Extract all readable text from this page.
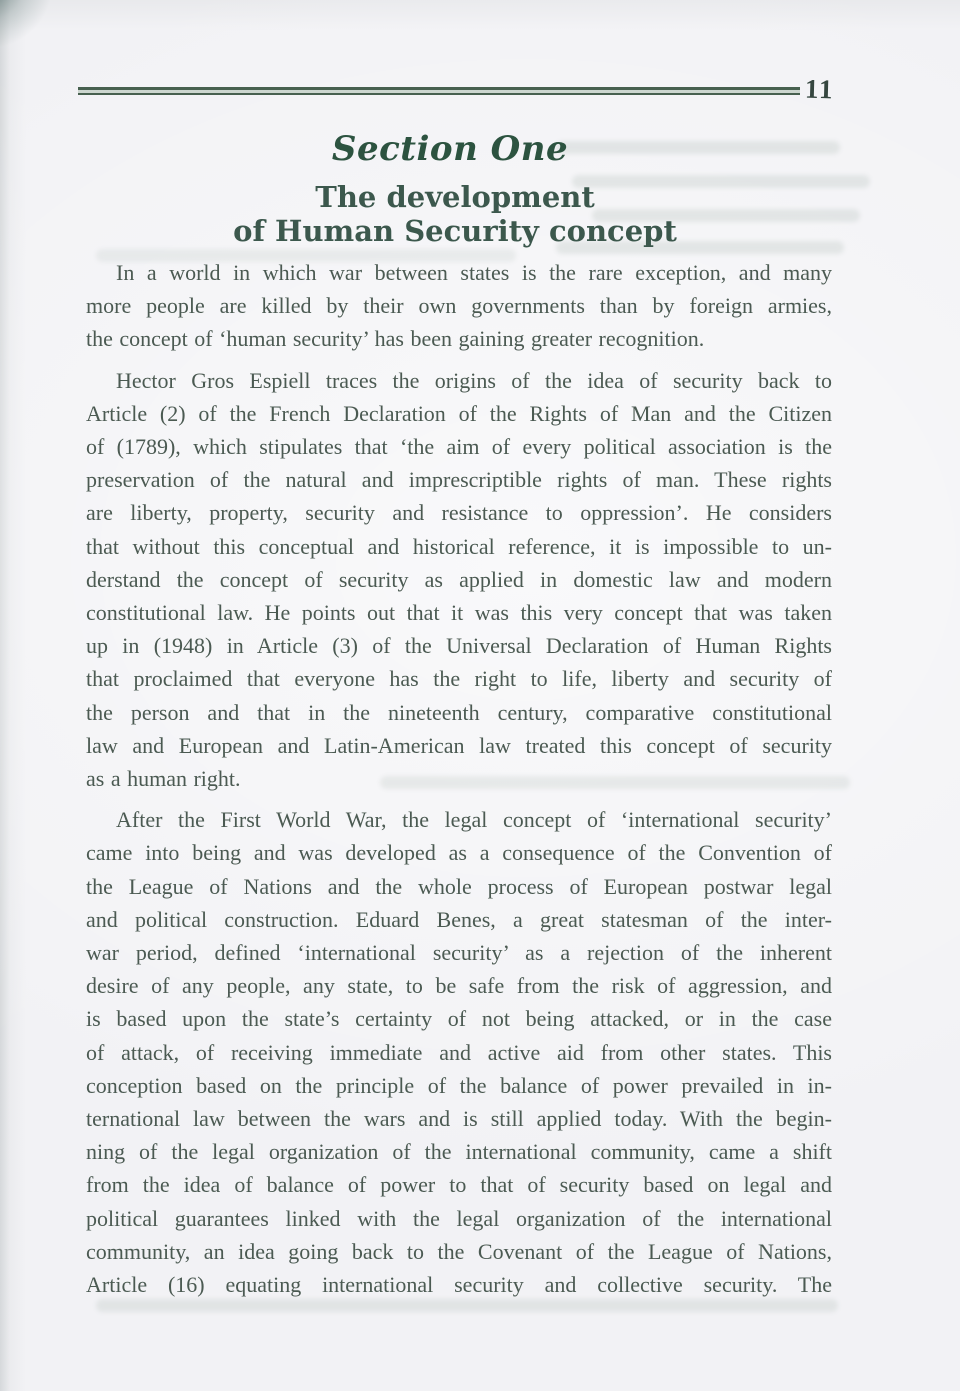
11
Section One
The development
of Human Security concept
In a world in which war between states is the rare exception, and many
more people are killed by their own governments than by foreign armies,
the concept of ‘human security’ has been gaining greater recognition.
Hector Gros Espiell traces the origins of the idea of security back to
Article (2) of the French Declaration of the Rights of Man and the Citizen
of (1789), which stipulates that ‘the aim of every political association is the
preservation of the natural and imprescriptible rights of man. These rights
are liberty, property, security and resistance to oppression’. He considers
that without this conceptual and historical reference, it is impossible to un-
derstand the concept of security as applied in domestic law and modern
constitutional law. He points out that it was this very concept that was taken
up in (1948) in Article (3) of the Universal Declaration of Human Rights
that proclaimed that everyone has the right to life, liberty and security of
the person and that in the nineteenth century, comparative constitutional
law and European and Latin-American law treated this concept of security
as a human right.
After the First World War, the legal concept of ‘international security’
came into being and was developed as a consequence of the Convention of
the League of Nations and the whole process of European postwar legal
and political construction. Eduard Benes, a great statesman of the inter-
war period, defined ‘international security’ as a rejection of the inherent
desire of any people, any state, to be safe from the risk of aggression, and
is based upon the state’s certainty of not being attacked, or in the case
of attack, of receiving immediate and active aid from other states. This
conception based on the principle of the balance of power prevailed in in-
ternational law between the wars and is still applied today. With the begin-
ning of the legal organization of the international community, came a shift
from the idea of balance of power to that of security based on legal and
political guarantees linked with the legal organization of the international
community, an idea going back to the Covenant of the League of Nations,
Article (16) equating international security and collective security. The
